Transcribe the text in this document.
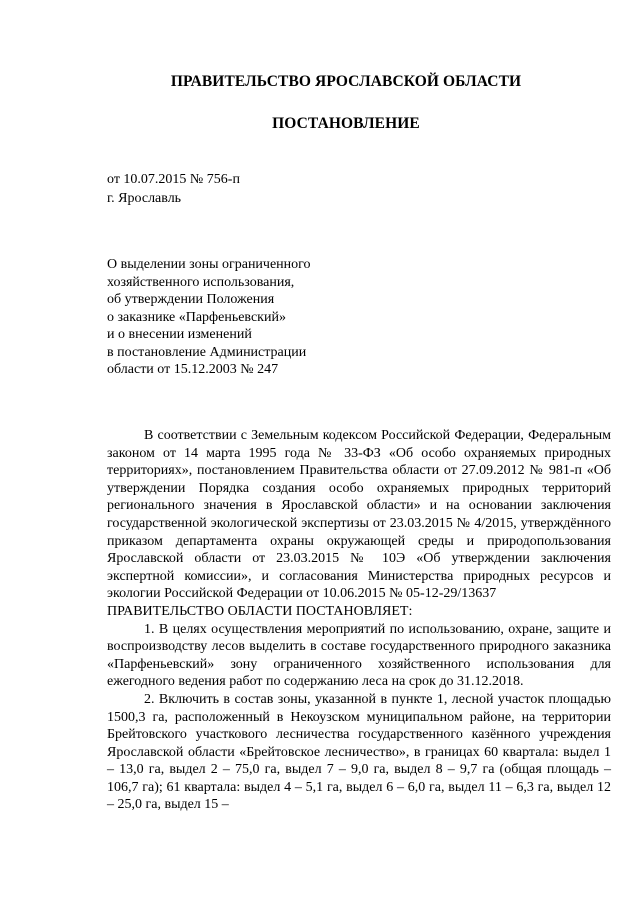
ПРАВИТЕЛЬСТВО ЯРОСЛАВСКОЙ ОБЛАСТИ
ПОСТАНОВЛЕНИЕ
от 10.07.2015 № 756-п
г. Ярославль
О выделении зоны ограниченного
хозяйственного использования,
об утверждении Положения
о заказнике «Парфеньевский»
и о внесении изменений
в постановление Администрации
области от 15.12.2003 № 247

В соответствии с Земельным кодексом Российской Федерации, Федеральным законом от 14 марта 1995 года № 33-ФЗ «Об особо охраняемых природных территориях», постановлением Правительства области от 27.09.2012 № 981-п «Об утверждении Порядка создания особо охраняемых природных территорий регионального значения в Ярославской области» и на основании заключения государственной экологической экспертизы от 23.03.2015 № 4/2015, утверждённого приказом департамента охраны окружающей среды и природопользования Ярославской области от 23.03.2015 № 10Э «Об утверждении заключения экспертной комиссии», и согласования Министерства природных ресурсов и экологии Российской Федерации от 10.06.2015 № 05-12-29/13637

ПРАВИТЕЛЬСТВО ОБЛАСТИ ПОСТАНОВЛЯЕТ:

1. В целях осуществления мероприятий по использованию, охране, защите и воспроизводству лесов выделить в составе государственного природного заказника «Парфеньевский» зону ограниченного хозяйственного использования для ежегодного ведения работ по содержанию леса на срок до 31.12.2018.

2. Включить в состав зоны, указанной в пункте 1, лесной участок площадью 1500,3 га, расположенный в Некоузском муниципальном районе, на территории Брейтовского участкового лесничества государственного казённого учреждения Ярославской области «Брейтовское лесничество», в границах 60 квартала: выдел 1 – 13,0 га, выдел 2 – 75,0 га, выдел 7 – 9,0 га, выдел 8 – 9,7 га (общая площадь – 106,7 га); 61 квартала: выдел 4 – 5,1 га, выдел 6 – 6,0 га, выдел 11 – 6,3 га, выдел 12 – 25,0 га, выдел 15 –
